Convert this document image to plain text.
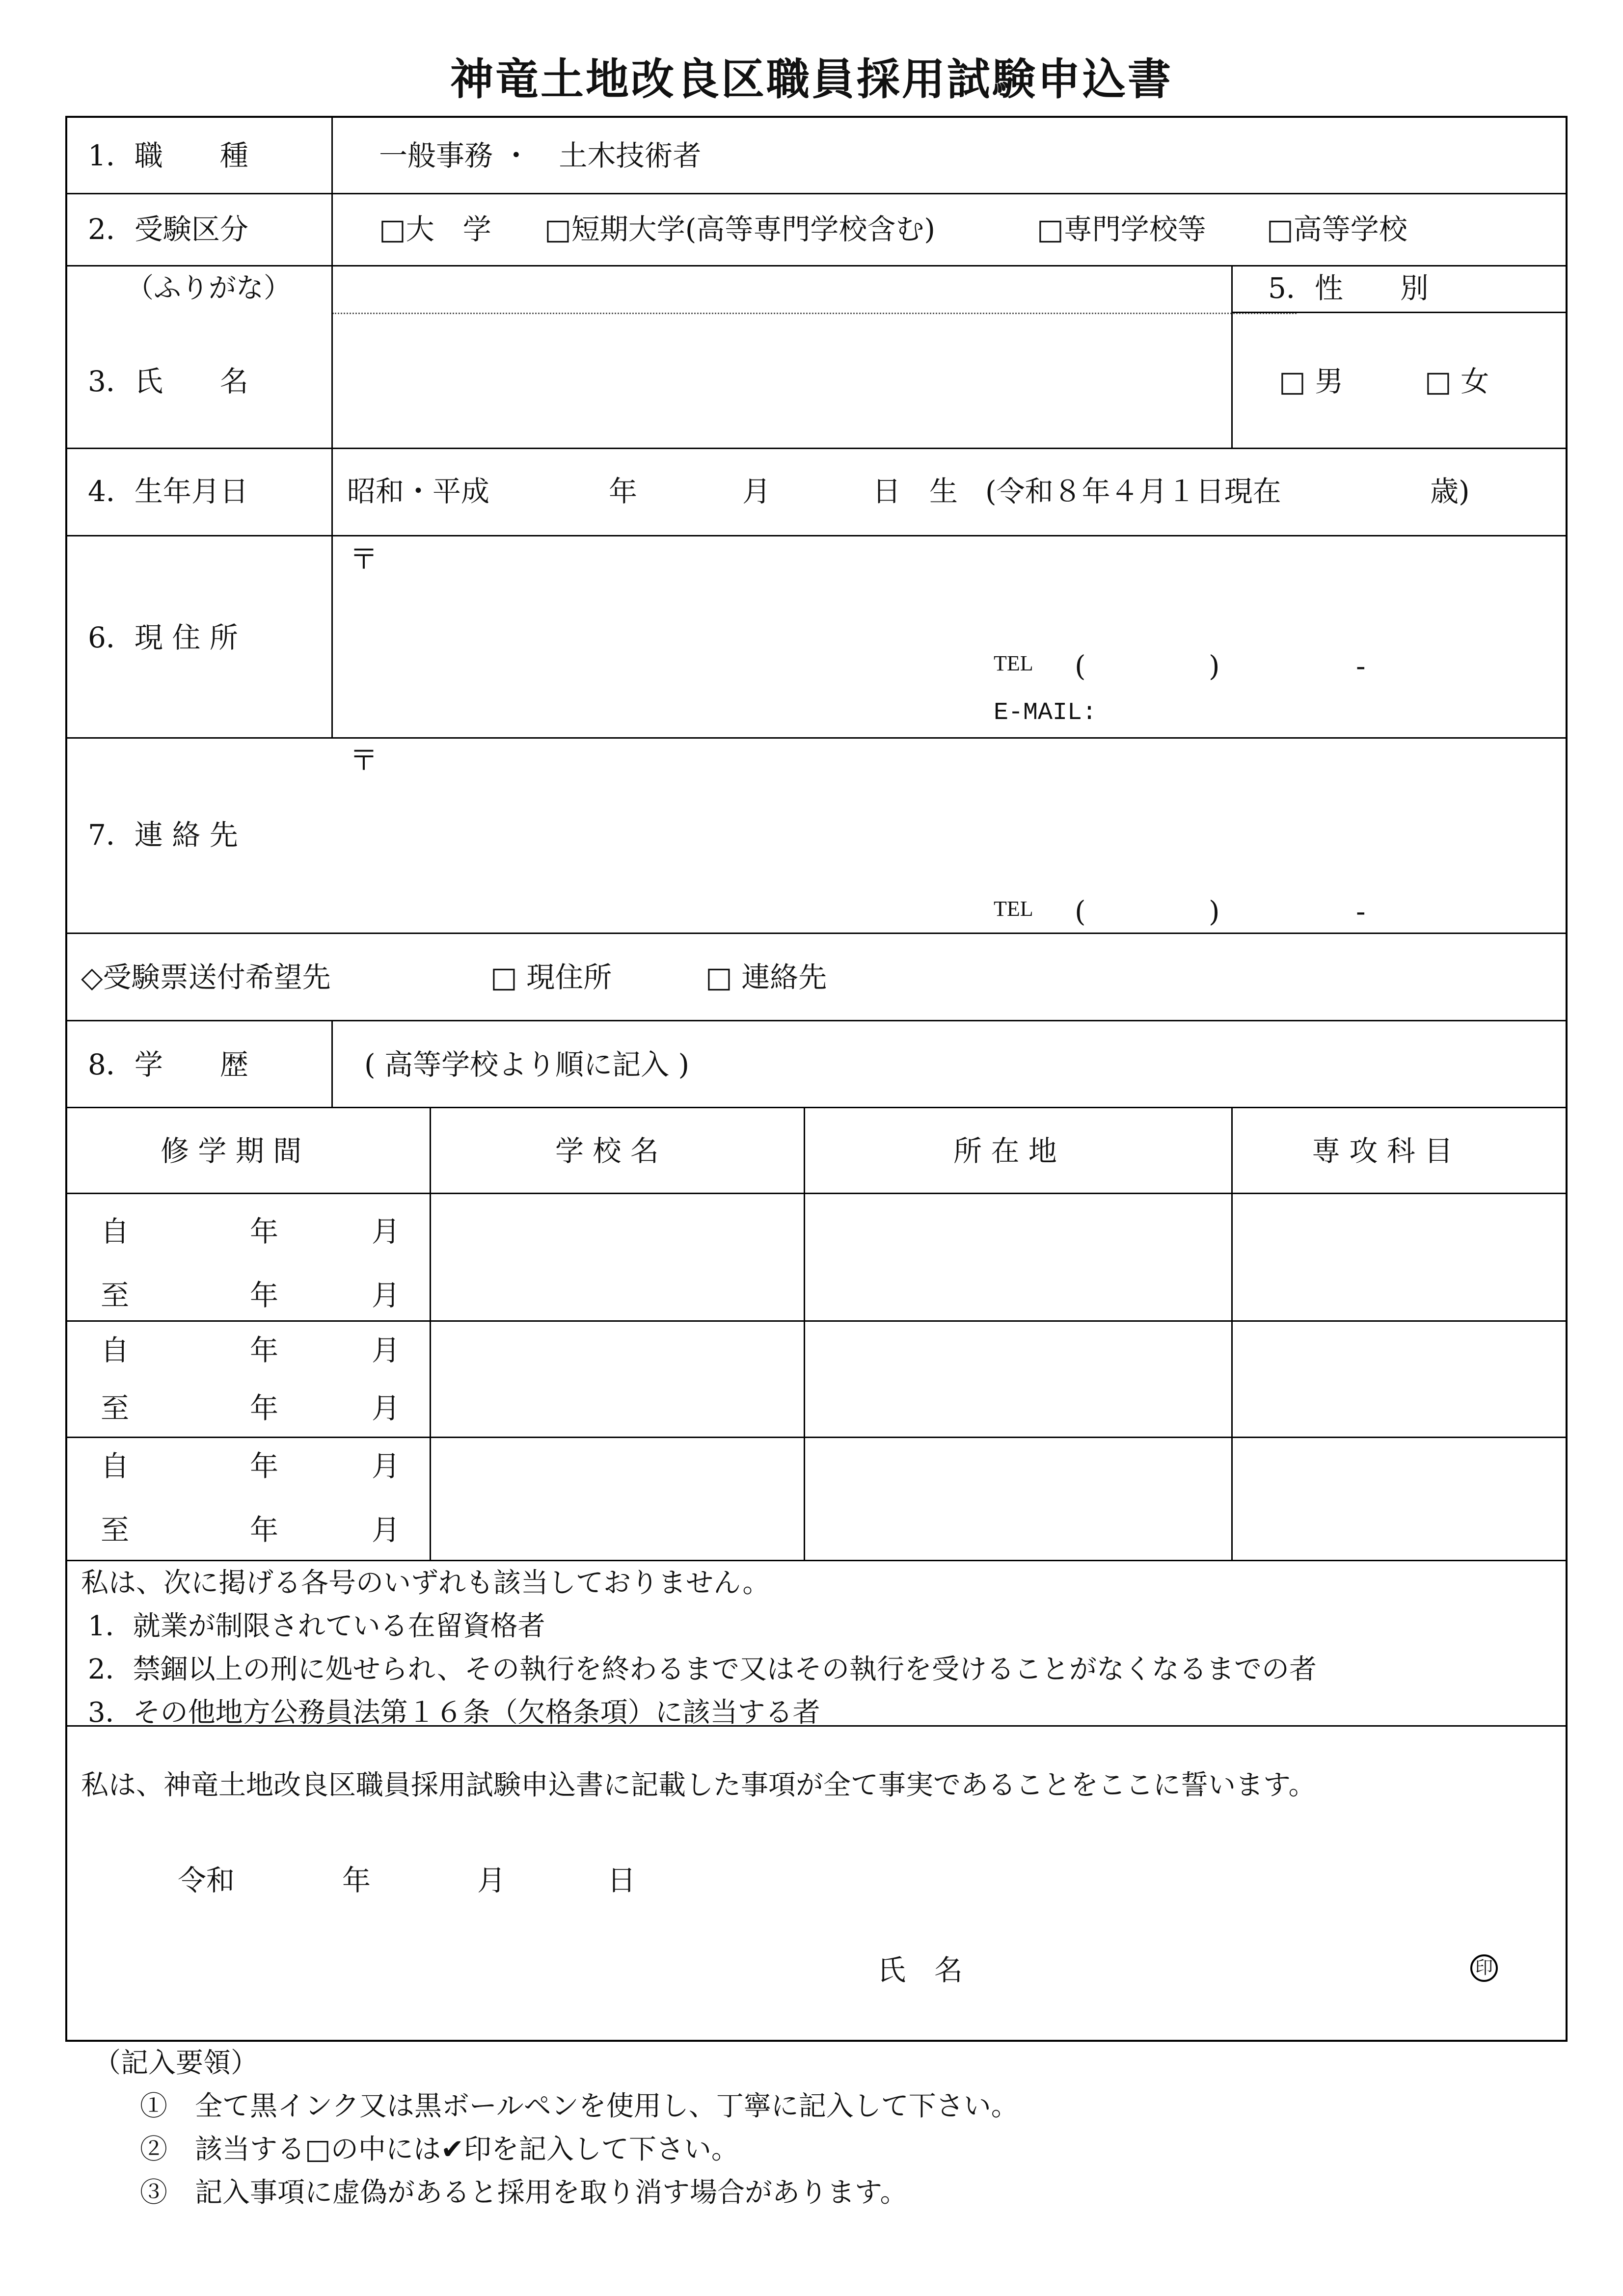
神竜土地改良区職員採用試験申込書
1．職　　種	一般事務 ・　土木技術者
2．受験区分	□大　学 □短期大学(高等専門学校含む)	□専門学校等 □高等学校
（ふりがな）	5．性　　別
3．氏　　名	□ 男	□ 女
4．生年月日	昭和・平成	年	月	日　生 (令和８年４月１日現在	歳)
6．現 住 所
〒
TEL (	)	-
E-MAIL:
7．連 絡 先
〒
TEL (	)	-
◇受験票送付希望先	□ 現住所	□ 連絡先
8．学　　歴	( 高等学校より順に記入 )
修 学 期 間	学 校 名	所 在 地	専 攻 科 目
自	年	月
至	年	月
自	年	月
至	年	月
自	年	月
至	年	月
私は、次に掲げる各号のいずれも該当しておりません。
1．就業が制限されている在留資格者
2．禁錮以上の刑に処せられ、その執行を終わるまで又はその執行を受けることがなくなるまでの者
3．その他地方公務員法第１６条（欠格条項）に該当する者
私は、神竜土地改良区職員採用試験申込書に記載した事項が全て事実であることをここに誓います。
令和	年	月	日
氏　名	印
（記入要領）
①　全て黒インク又は黒ボールペンを使用し、丁寧に記入して下さい。
②　該当する□の中には✔印を記入して下さい。
③　記入事項に虚偽があると採用を取り消す場合があります。
